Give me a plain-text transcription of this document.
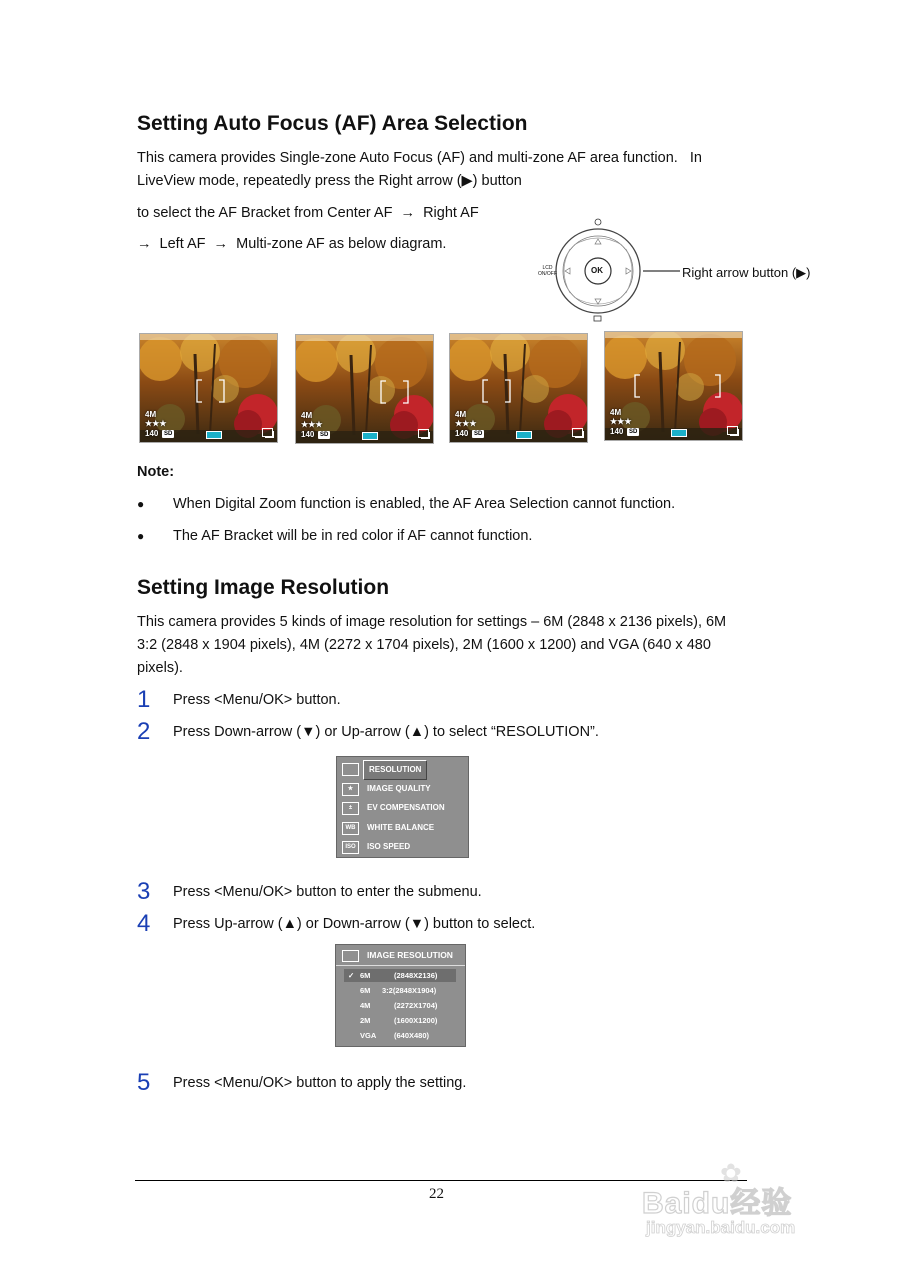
Setting Auto Focus (AF) Area Selection
This camera provides Single-zone Auto Focus (AF) and multi-zone AF area function.   In
LiveView mode, repeatedly press the Right arrow (▶) button
to select the AF Bracket from Center AF  →  Right AF
→  Left AF  →  Multi-zone AF as below diagram.
OK
LCD
ON/OFF	Right arrow button (▶)
4M
★★★
140 SD
4M
★★★
140 SD
4M
★★★
140 SD
4M
★★★
140 SD
Note:
● When Digital Zoom function is enabled, the AF Area Selection cannot function.
● The AF Bracket will be in red color if AF cannot function.
Setting Image Resolution
This camera provides 5 kinds of image resolution for settings – 6M (2848 x 2136 pixels), 6M
3:2 (2848 x 1904 pixels), 4M (2272 x 1704 pixels), 2M (1600 x 1200) and VGA (640 x 480
pixels).
1 Press <Menu/OK> button.
2 Press Down-arrow (▼) or Up-arrow (▲) to select “RESOLUTION”.
RESOLUTION
★	IMAGE QUALITY
±	EV COMPENSATION
WB	WHITE BALANCE
ISO	ISO SPEED
3 Press <Menu/OK> button to enter the submenu.
4 Press Up-arrow (▲) or Down-arrow (▼) button to select.
IMAGE RESOLUTION
✓ 6M	(2848X2136)
6M 3:2(2848X1904)
4M	(2272X1704)
2M	(1600X1200)
VGA (640X480)
5 Press <Menu/OK> button to apply the setting.
22
✿
Baidu经验
jingyan.baidu.com
